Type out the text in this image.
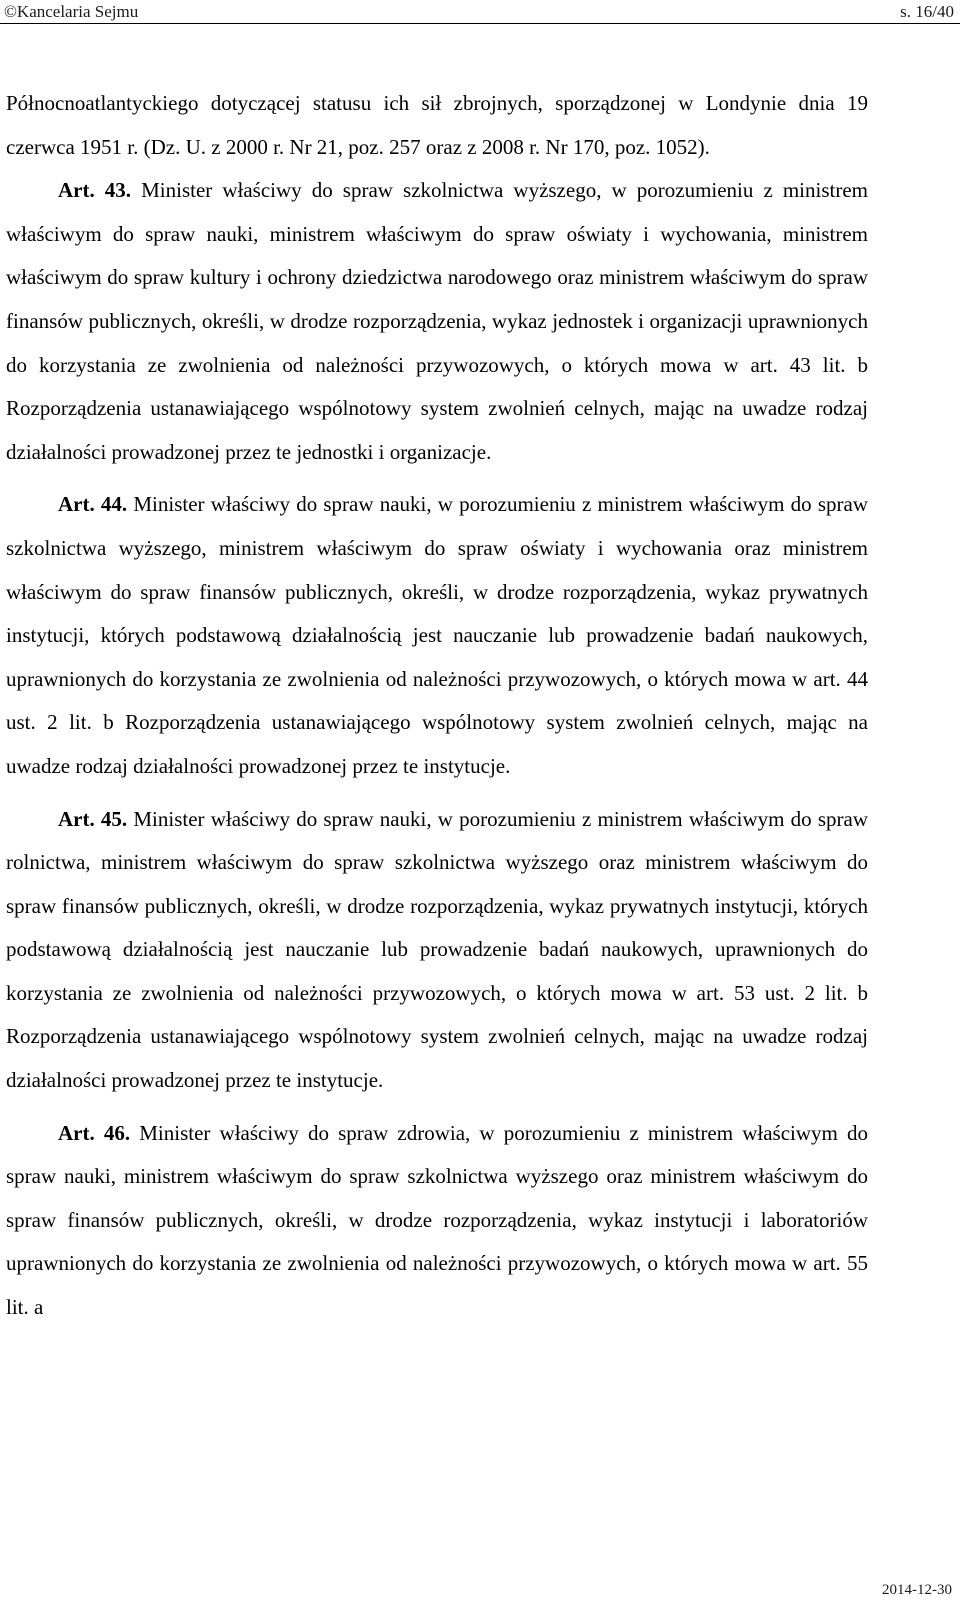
©Kancelaria Sejmu	s. 16/40

Północnoatlantyckiego dotyczącej statusu ich sił zbrojnych, sporządzonej w Londynie dnia 19 czerwca 1951 r. (Dz. U. z 2000 r. Nr 21, poz. 257 oraz z 2008 r. Nr 170, poz. 1052).

Art. 43. Minister właściwy do spraw szkolnictwa wyższego, w porozumieniu z ministrem właściwym do spraw nauki, ministrem właściwym do spraw oświaty i wychowania, ministrem właściwym do spraw kultury i ochrony dziedzictwa narodowego oraz ministrem właściwym do spraw finansów publicznych, określi, w drodze rozporządzenia, wykaz jednostek i organizacji uprawnionych do korzystania ze zwolnienia od należności przywozowych, o których mowa w art. 43 lit. b Rozporządzenia ustanawiającego wspólnotowy system zwolnień celnych, mając na uwadze rodzaj działalności prowadzonej przez te jednostki i organizacje.

Art. 44. Minister właściwy do spraw nauki, w porozumieniu z ministrem właściwym do spraw szkolnictwa wyższego, ministrem właściwym do spraw oświaty i wychowania oraz ministrem właściwym do spraw finansów publicznych, określi, w drodze rozporządzenia, wykaz prywatnych instytucji, których podstawową działalnością jest nauczanie lub prowadzenie badań naukowych, uprawnionych do korzystania ze zwolnienia od należności przywozowych, o których mowa w art. 44 ust. 2 lit. b Rozporządzenia ustanawiającego wspólnotowy system zwolnień celnych, mając na uwadze rodzaj działalności prowadzonej przez te instytucje.

Art. 45. Minister właściwy do spraw nauki, w porozumieniu z ministrem właściwym do spraw rolnictwa, ministrem właściwym do spraw szkolnictwa wyższego oraz ministrem właściwym do spraw finansów publicznych, określi, w drodze rozporządzenia, wykaz prywatnych instytucji, których podstawową działalnością jest nauczanie lub prowadzenie badań naukowych, uprawnionych do korzystania ze zwolnienia od należności przywozowych, o których mowa w art. 53 ust. 2 lit. b Rozporządzenia ustanawiającego wspólnotowy system zwolnień celnych, mając na uwadze rodzaj działalności prowadzonej przez te instytucje.

Art. 46. Minister właściwy do spraw zdrowia, w porozumieniu z ministrem właściwym do spraw nauki, ministrem właściwym do spraw szkolnictwa wyższego oraz ministrem właściwym do spraw finansów publicznych, określi, w drodze rozporządzenia, wykaz instytucji i laboratoriów uprawnionych do korzystania ze zwolnienia od należności przywozowych, o których mowa w art. 55 lit. a

2014-12-30
